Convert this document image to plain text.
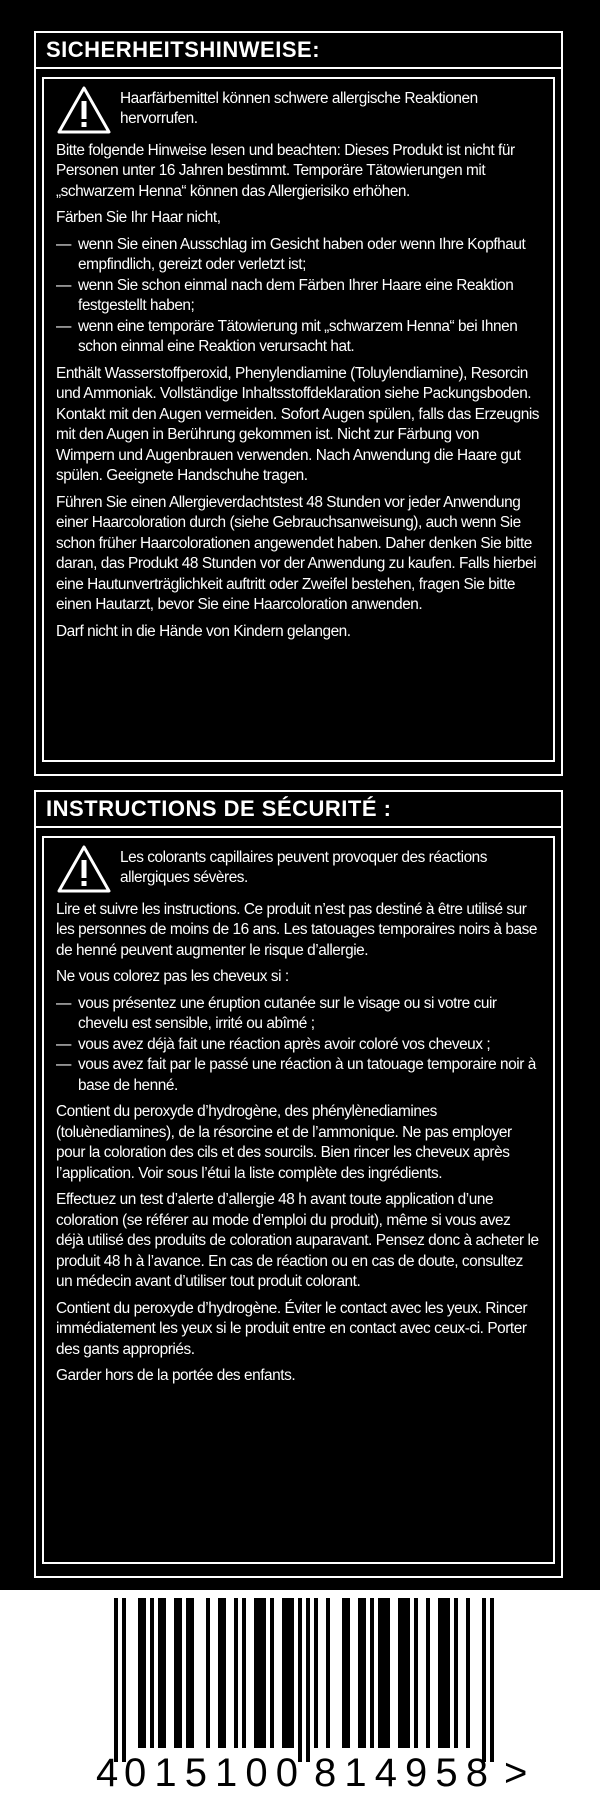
SICHERHEITSHINWEISE:
Haarfärbemittel können schwere allergische Reaktionen hervorrufen.

Bitte folgende Hinweise lesen und beachten: Dieses Produkt ist nicht für Personen unter 16 Jahren bestimmt. Temporäre Tätowierungen mit „schwarzem Henna“ können das Allergierisiko erhöhen.

Färben Sie Ihr Haar nicht,

— wenn Sie einen Ausschlag im Gesicht haben oder wenn Ihre Kopfhaut empfindlich, gereizt oder verletzt ist;
— wenn Sie schon einmal nach dem Färben Ihrer Haare eine Reaktion festgestellt haben;
— wenn eine temporäre Tätowierung mit „schwarzem Henna“ bei Ihnen schon einmal eine Reaktion verursacht hat.

Enthält Wasserstoffperoxid, Phenylendiamine (Toluylendiamine), Resorcin und Ammoniak. Vollständige Inhaltsstoffdeklaration siehe Packungsboden. Kontakt mit den Augen vermeiden. Sofort Augen spülen, falls das Erzeugnis mit den Augen in Berührung gekommen ist. Nicht zur Färbung von Wimpern und Augenbrauen verwenden. Nach Anwendung die Haare gut spülen. Geeignete Handschuhe tragen.

Führen Sie einen Allergieverdachtstest 48 Stunden vor jeder Anwendung einer Haarcoloration durch (siehe Gebrauchsanweisung), auch wenn Sie schon früher Haarcolorationen angewendet haben. Daher denken Sie bitte daran, das Produkt 48 Stunden vor der Anwendung zu kaufen. Falls hierbei eine Hautunverträglichkeit auftritt oder Zweifel bestehen, fragen Sie bitte einen Hautarzt, bevor Sie eine Haarcoloration anwenden.

Darf nicht in die Hände von Kindern gelangen.

INSTRUCTIONS DE SÉCURITÉ :
Les colorants capillaires peuvent provoquer des réactions allergiques sévères.

Lire et suivre les instructions. Ce produit n’est pas destiné à être utilisé sur les personnes de moins de 16 ans. Les tatouages temporaires noirs à base de henné peuvent augmenter le risque d’allergie.

Ne vous colorez pas les cheveux si :

— vous présentez une éruption cutanée sur le visage ou si votre cuir chevelu est sensible, irrité ou abîmé ;
— vous avez déjà fait une réaction après avoir coloré vos cheveux ;
— vous avez fait par le passé une réaction à un tatouage temporaire noir à base de henné.

Contient du peroxyde d’hydrogène, des phénylènediamines (toluènediamines), de la résorcine et de l’ammonique. Ne pas employer pour la coloration des cils et des sourcils. Bien rincer les cheveux après l’application. Voir sous l’étui la liste complète des ingrédients.

Effectuez un test d’alerte d’allergie 48 h avant toute application d’une coloration (se référer au mode d’emploi du produit), même si vous avez déjà utilisé des produits de coloration auparavant. Pensez donc à acheter le produit 48 h à l’avance. En cas de réaction ou en cas de doute, consultez un médecin avant d’utiliser tout produit colorant.

Contient du peroxyde d’hydrogène. Éviter le contact avec les yeux. Rincer immédiatement les yeux si le produit entre en contact avec ceux-ci. Porter des gants appropriés.

Garder hors de la portée des enfants.

4 015100 814958 >
